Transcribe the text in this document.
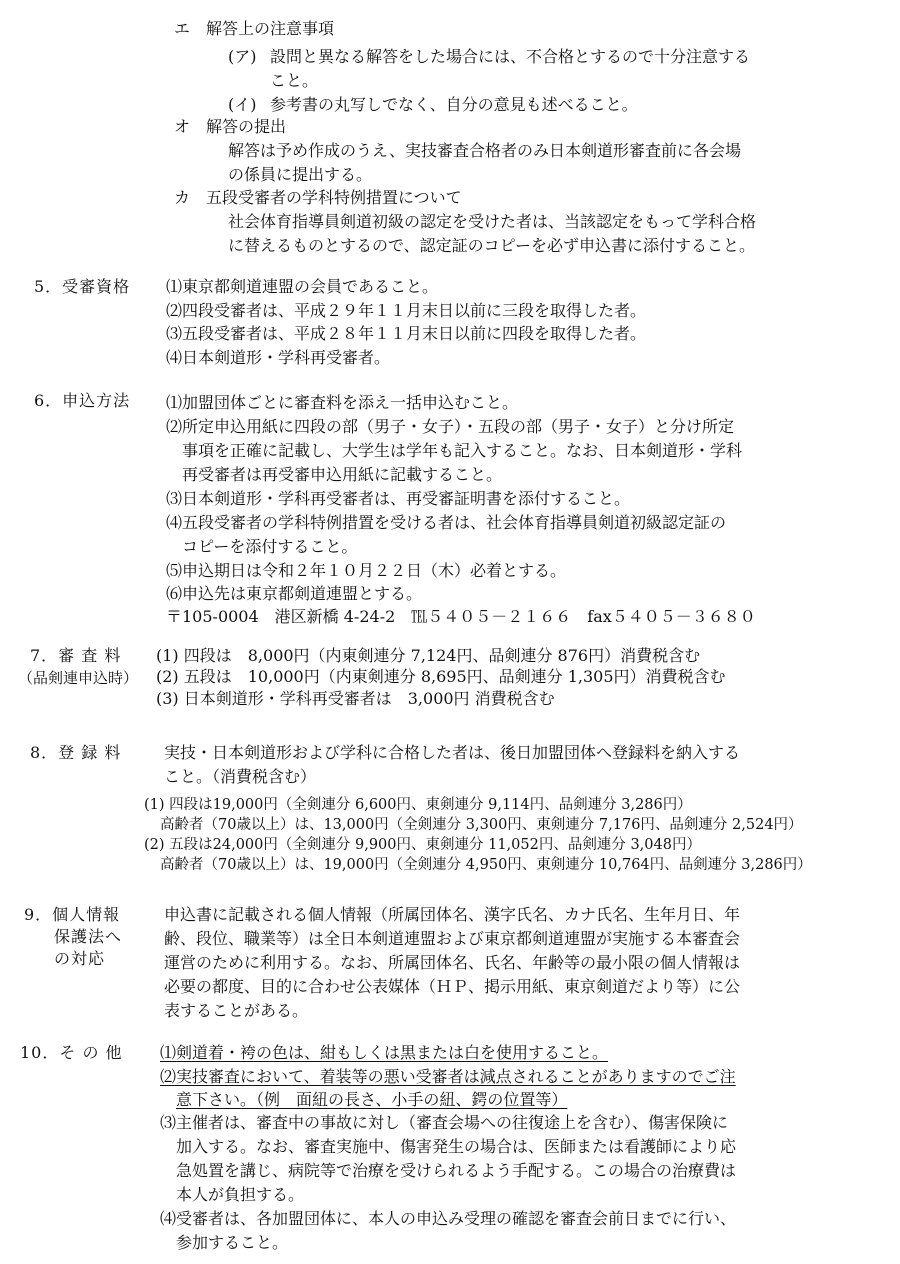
エ 解答上の注意事項
(ア) 設問と異なる解答をした場合には、不合格とするので十分注意する
こと。
(イ) 参考書の丸写しでなく、自分の意見も述べること。
オ 解答の提出
解答は予め作成のうえ、実技審査合格者のみ日本剣道形審査前に各会場
の係員に提出する。
カ 五段受審者の学科特例措置について
社会体育指導員剣道初級の認定を受けた者は、当該認定をもって学科合格
に替えるものとするので、認定証のコピーを必ず申込書に添付すること。
5．受審資格 ⑴東京都剣道連盟の会員であること。
⑵四段受審者は、平成２９年１１月末日以前に三段を取得した者。
⑶五段受審者は、平成２８年１１月末日以前に四段を取得した者。
⑷日本剣道形・学科再受審者。
6．申込方法 ⑴加盟団体ごとに審査料を添え一括申込むこと。
⑵所定申込用紙に四段の部（男子・女子）・五段の部（男子・女子）と分け所定
事項を正確に記載し、大学生は学年も記入すること。なお、日本剣道形・学科
再受審者は再受審申込用紙に記載すること。
⑶日本剣道形・学科再受審者は、再受審証明書を添付すること。
⑷五段受審者の学科特例措置を受ける者は、社会体育指導員剣道初級認定証の
コピーを添付すること。
⑸申込期日は令和２年１０月２２日（木）必着とする。
⑹申込先は東京都剣道連盟とする。
〒105-0004　港区新橋 4-24-2　℡５４０５－２１６６　fax５４０５－３６８０
7．審 査 料
（品剣連申込時）
(1) 四段は　8,000円（内東剣連分 7,124円、品剣連分 876円）消費税含む
(2) 五段は　10,000円（内東剣連分 8,695円、品剣連分 1,305円）消費税含む
(3) 日本剣道形・学科再受審者は　3,000円 消費税含む
8．登 録 料	実技・日本剣道形および学科に合格した者は、後日加盟団体へ登録料を納入する
こと。（消費税含む）
(1) 四段は19,000円（全剣連分 6,600円、東剣連分 9,114円、品剣連分 3,286円）
高齢者（70歳以上）は、13,000円（全剣連分 3,300円、東剣連分 7,176円、品剣連分 2,524円）
(2) 五段は24,000円（全剣連分 9,900円、東剣連分 11,052円、品剣連分 3,048円）
高齢者（70歳以上）は、19,000円（全剣連分 4,950円、東剣連分 10,764円、品剣連分 3,286円）
9．個人情報
保護法へ
の対応
申込書に記載される個人情報（所属団体名、漢字氏名、カナ氏名、生年月日、年
齢、段位、職業等）は全日本剣道連盟および東京都剣道連盟が実施する本審査会
運営のために利用する。なお、所属団体名、氏名、年齢等の最小限の個人情報は
必要の都度、目的に合わせ公表媒体（ＨＰ、掲示用紙、東京剣道だより等）に公
表することがある。
10．そ の 他 ⑴剣道着・袴の色は、紺もしくは黒または白を使用すること。
⑵実技審査において、着装等の悪い受審者は減点されることがありますのでご注
意下さい。（例　面紐の長さ、小手の紐、鍔の位置等）
⑶主催者は、審査中の事故に対し（審査会場への往復途上を含む）、傷害保険に
加入する。なお、審査実施中、傷害発生の場合は、医師または看護師により応
急処置を講じ、病院等で治療を受けられるよう手配する。この場合の治療費は
本人が負担する。
⑷受審者は、各加盟団体に、本人の申込み受理の確認を審査会前日までに行い、
参加すること。
